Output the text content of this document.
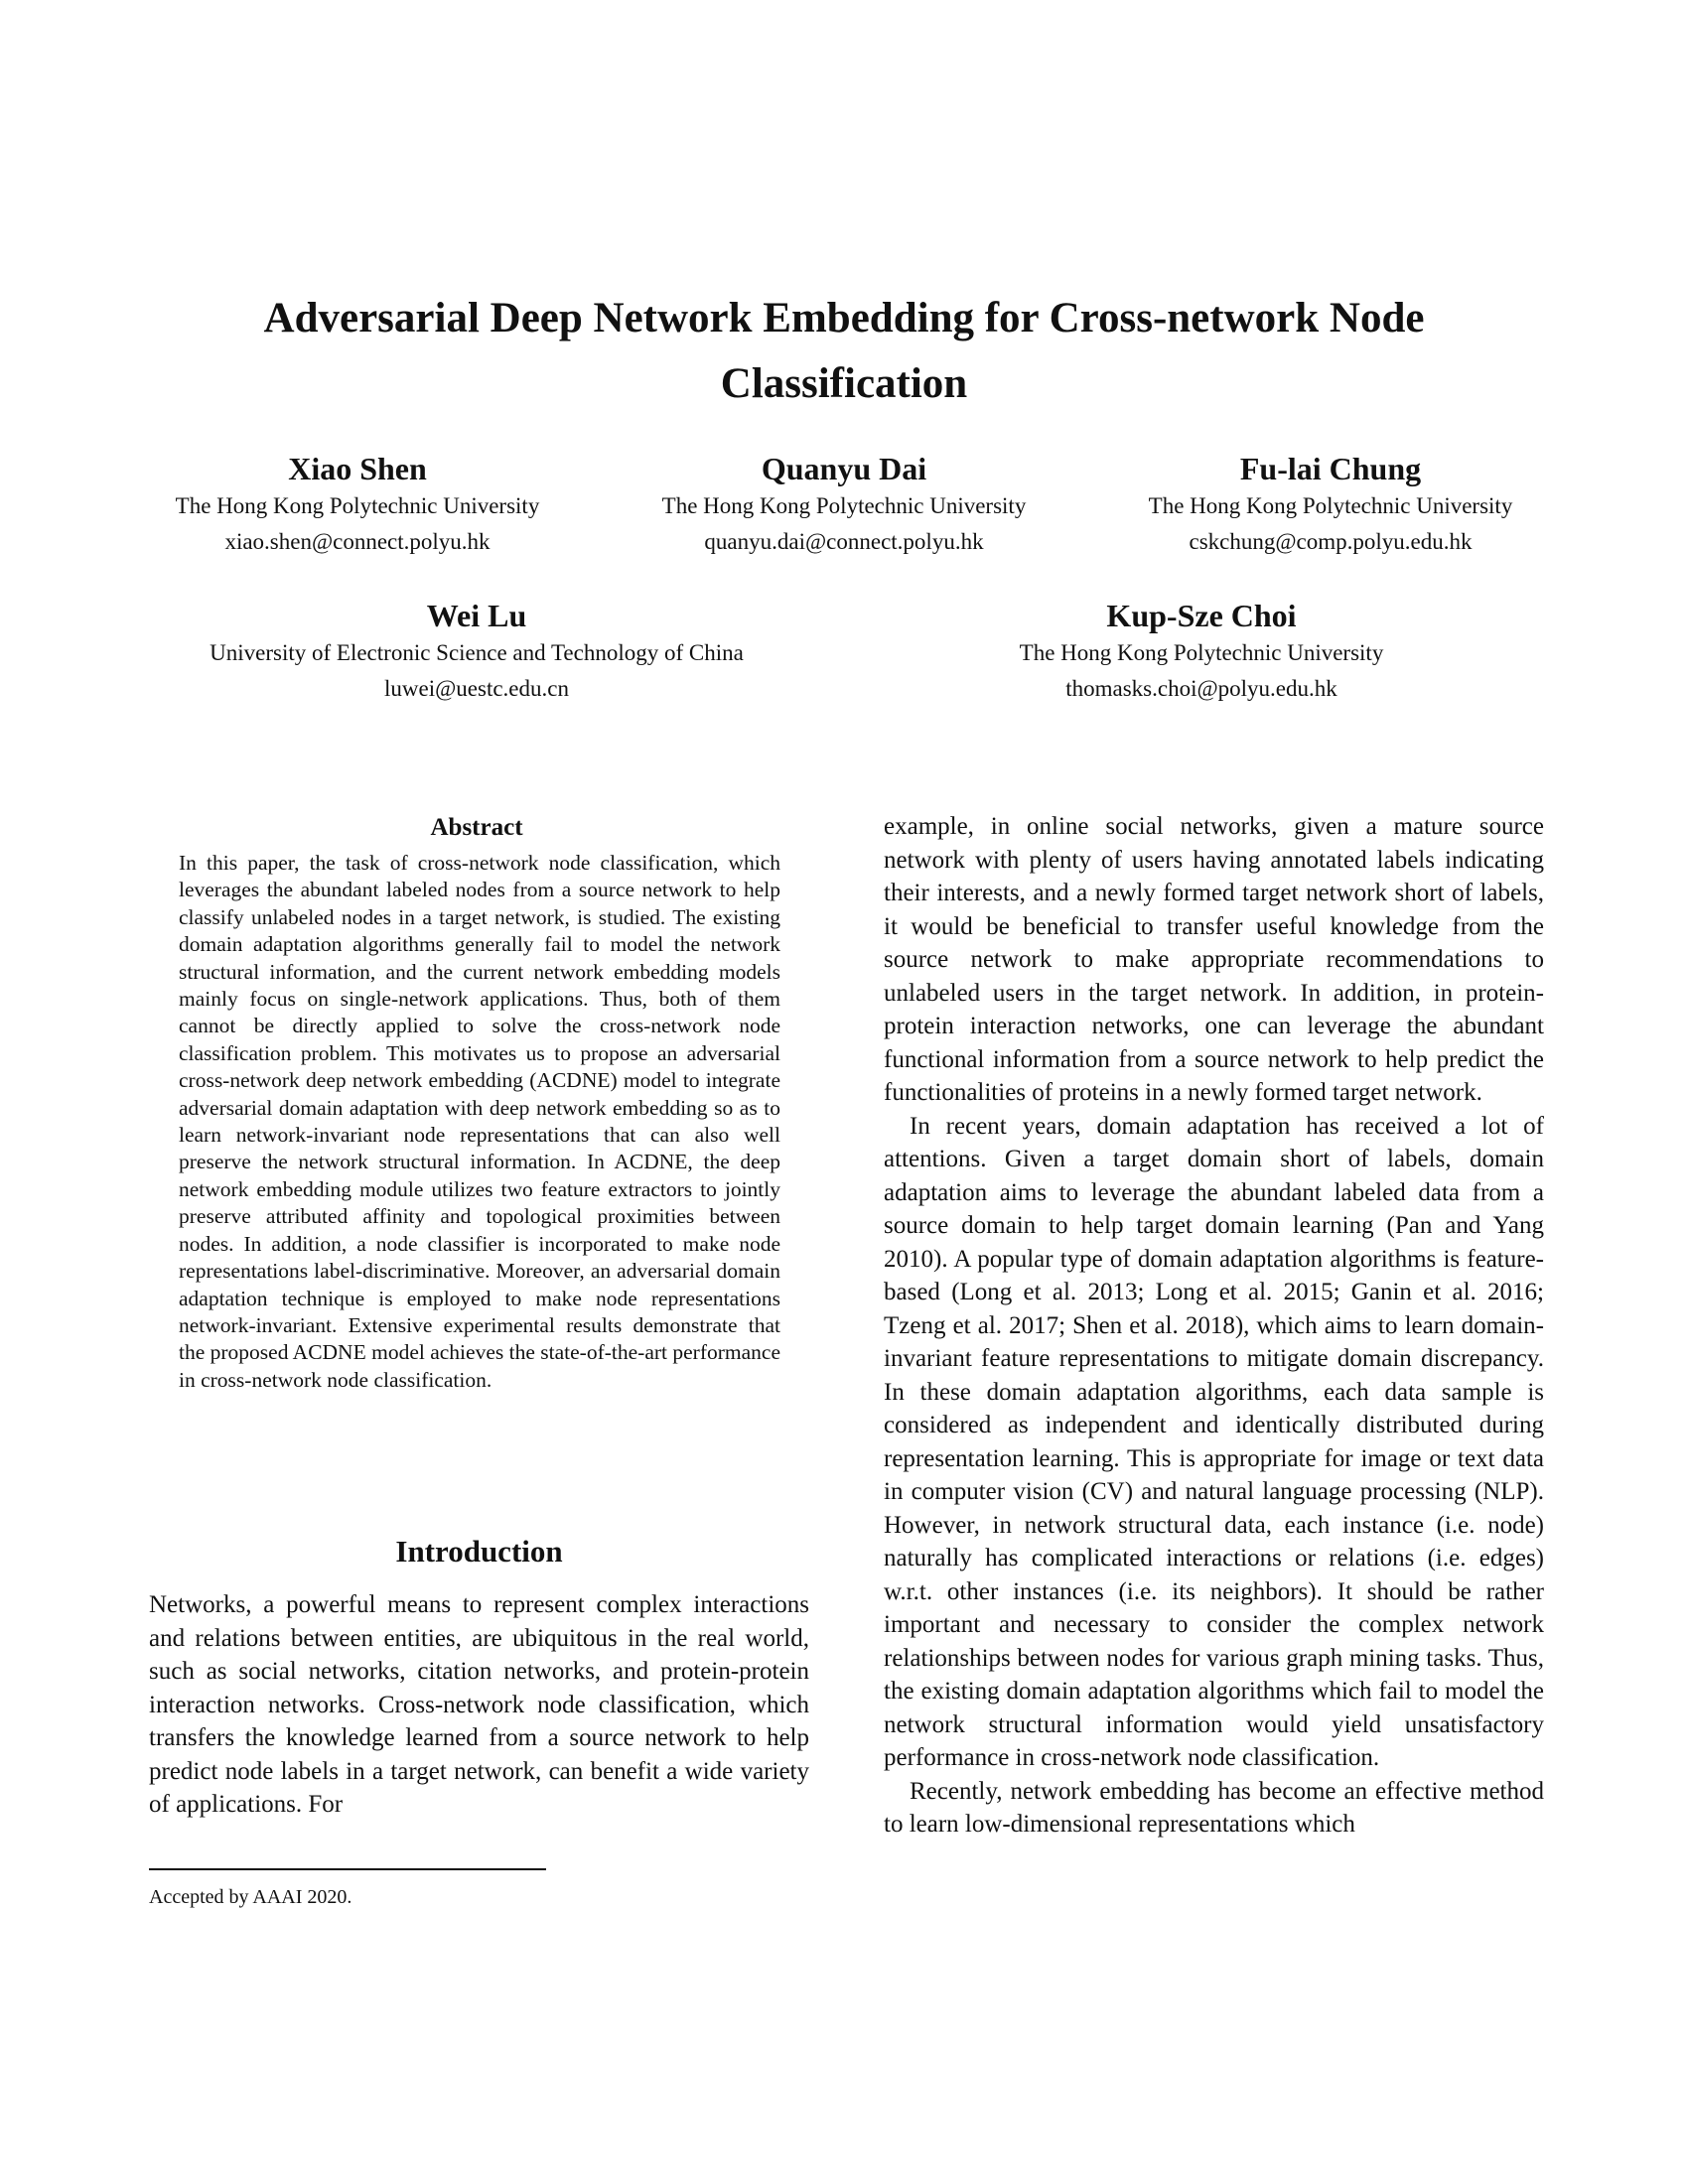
Adversarial Deep Network Embedding for Cross-network Node Classification
Xiao Shen
The Hong Kong Polytechnic University
xiao.shen@connect.polyu.hk
Quanyu Dai
The Hong Kong Polytechnic University
quanyu.dai@connect.polyu.hk
Fu-lai Chung
The Hong Kong Polytechnic University
cskchung@comp.polyu.edu.hk
Wei Lu
University of Electronic Science and Technology of China
luwei@uestc.edu.cn
Kup-Sze Choi
The Hong Kong Polytechnic University
thomasks.choi@polyu.edu.hk
Abstract

In this paper, the task of cross-network node classification, which leverages the abundant labeled nodes from a source network to help classify unlabeled nodes in a target network, is studied. The existing domain adaptation algorithms generally fail to model the network structural information, and the current network embedding models mainly focus on single-network applications. Thus, both of them cannot be directly applied to solve the cross-network node classification problem. This motivates us to propose an adversarial cross-network deep network embedding (ACDNE) model to integrate adversarial domain adaptation with deep network embedding so as to learn network-invariant node representations that can also well preserve the network structural information. In ACDNE, the deep network embedding module utilizes two feature extractors to jointly preserve attributed affinity and topological proximities between nodes. In addition, a node classifier is incorporated to make node representations label-discriminative. Moreover, an adversarial domain adaptation technique is employed to make node representations network-invariant. Extensive experimental results demonstrate that the proposed ACDNE model achieves the state-of-the-art performance in cross-network node classification.

Introduction

Networks, a powerful means to represent complex interactions and relations between entities, are ubiquitous in the real world, such as social networks, citation networks, and protein-protein interaction networks. Cross-network node classification, which transfers the knowledge learned from a source network to help predict node labels in a target network, can benefit a wide variety of applications. For

Accepted by AAAI 2020.

example, in online social networks, given a mature source network with plenty of users having annotated labels indicating their interests, and a newly formed target network short of labels, it would be beneficial to transfer useful knowledge from the source network to make appropriate recommendations to unlabeled users in the target network. In addition, in protein-protein interaction networks, one can leverage the abundant functional information from a source network to help predict the functionalities of proteins in a newly formed target network.

In recent years, domain adaptation has received a lot of attentions. Given a target domain short of labels, domain adaptation aims to leverage the abundant labeled data from a source domain to help target domain learning (Pan and Yang 2010). A popular type of domain adaptation algorithms is feature-based (Long et al. 2013; Long et al. 2015; Ganin et al. 2016; Tzeng et al. 2017; Shen et al. 2018), which aims to learn domain-invariant feature representations to mitigate domain discrepancy. In these domain adaptation algorithms, each data sample is considered as independent and identically distributed during representation learning. This is appropriate for image or text data in computer vision (CV) and natural language processing (NLP). However, in network structural data, each instance (i.e. node) naturally has complicated interactions or relations (i.e. edges) w.r.t. other instances (i.e. its neighbors). It should be rather important and necessary to consider the complex network relationships between nodes for various graph mining tasks. Thus, the existing domain adaptation algorithms which fail to model the network structural information would yield unsatisfactory performance in cross-network node classification.

Recently, network embedding has become an effective method to learn low-dimensional representations which
